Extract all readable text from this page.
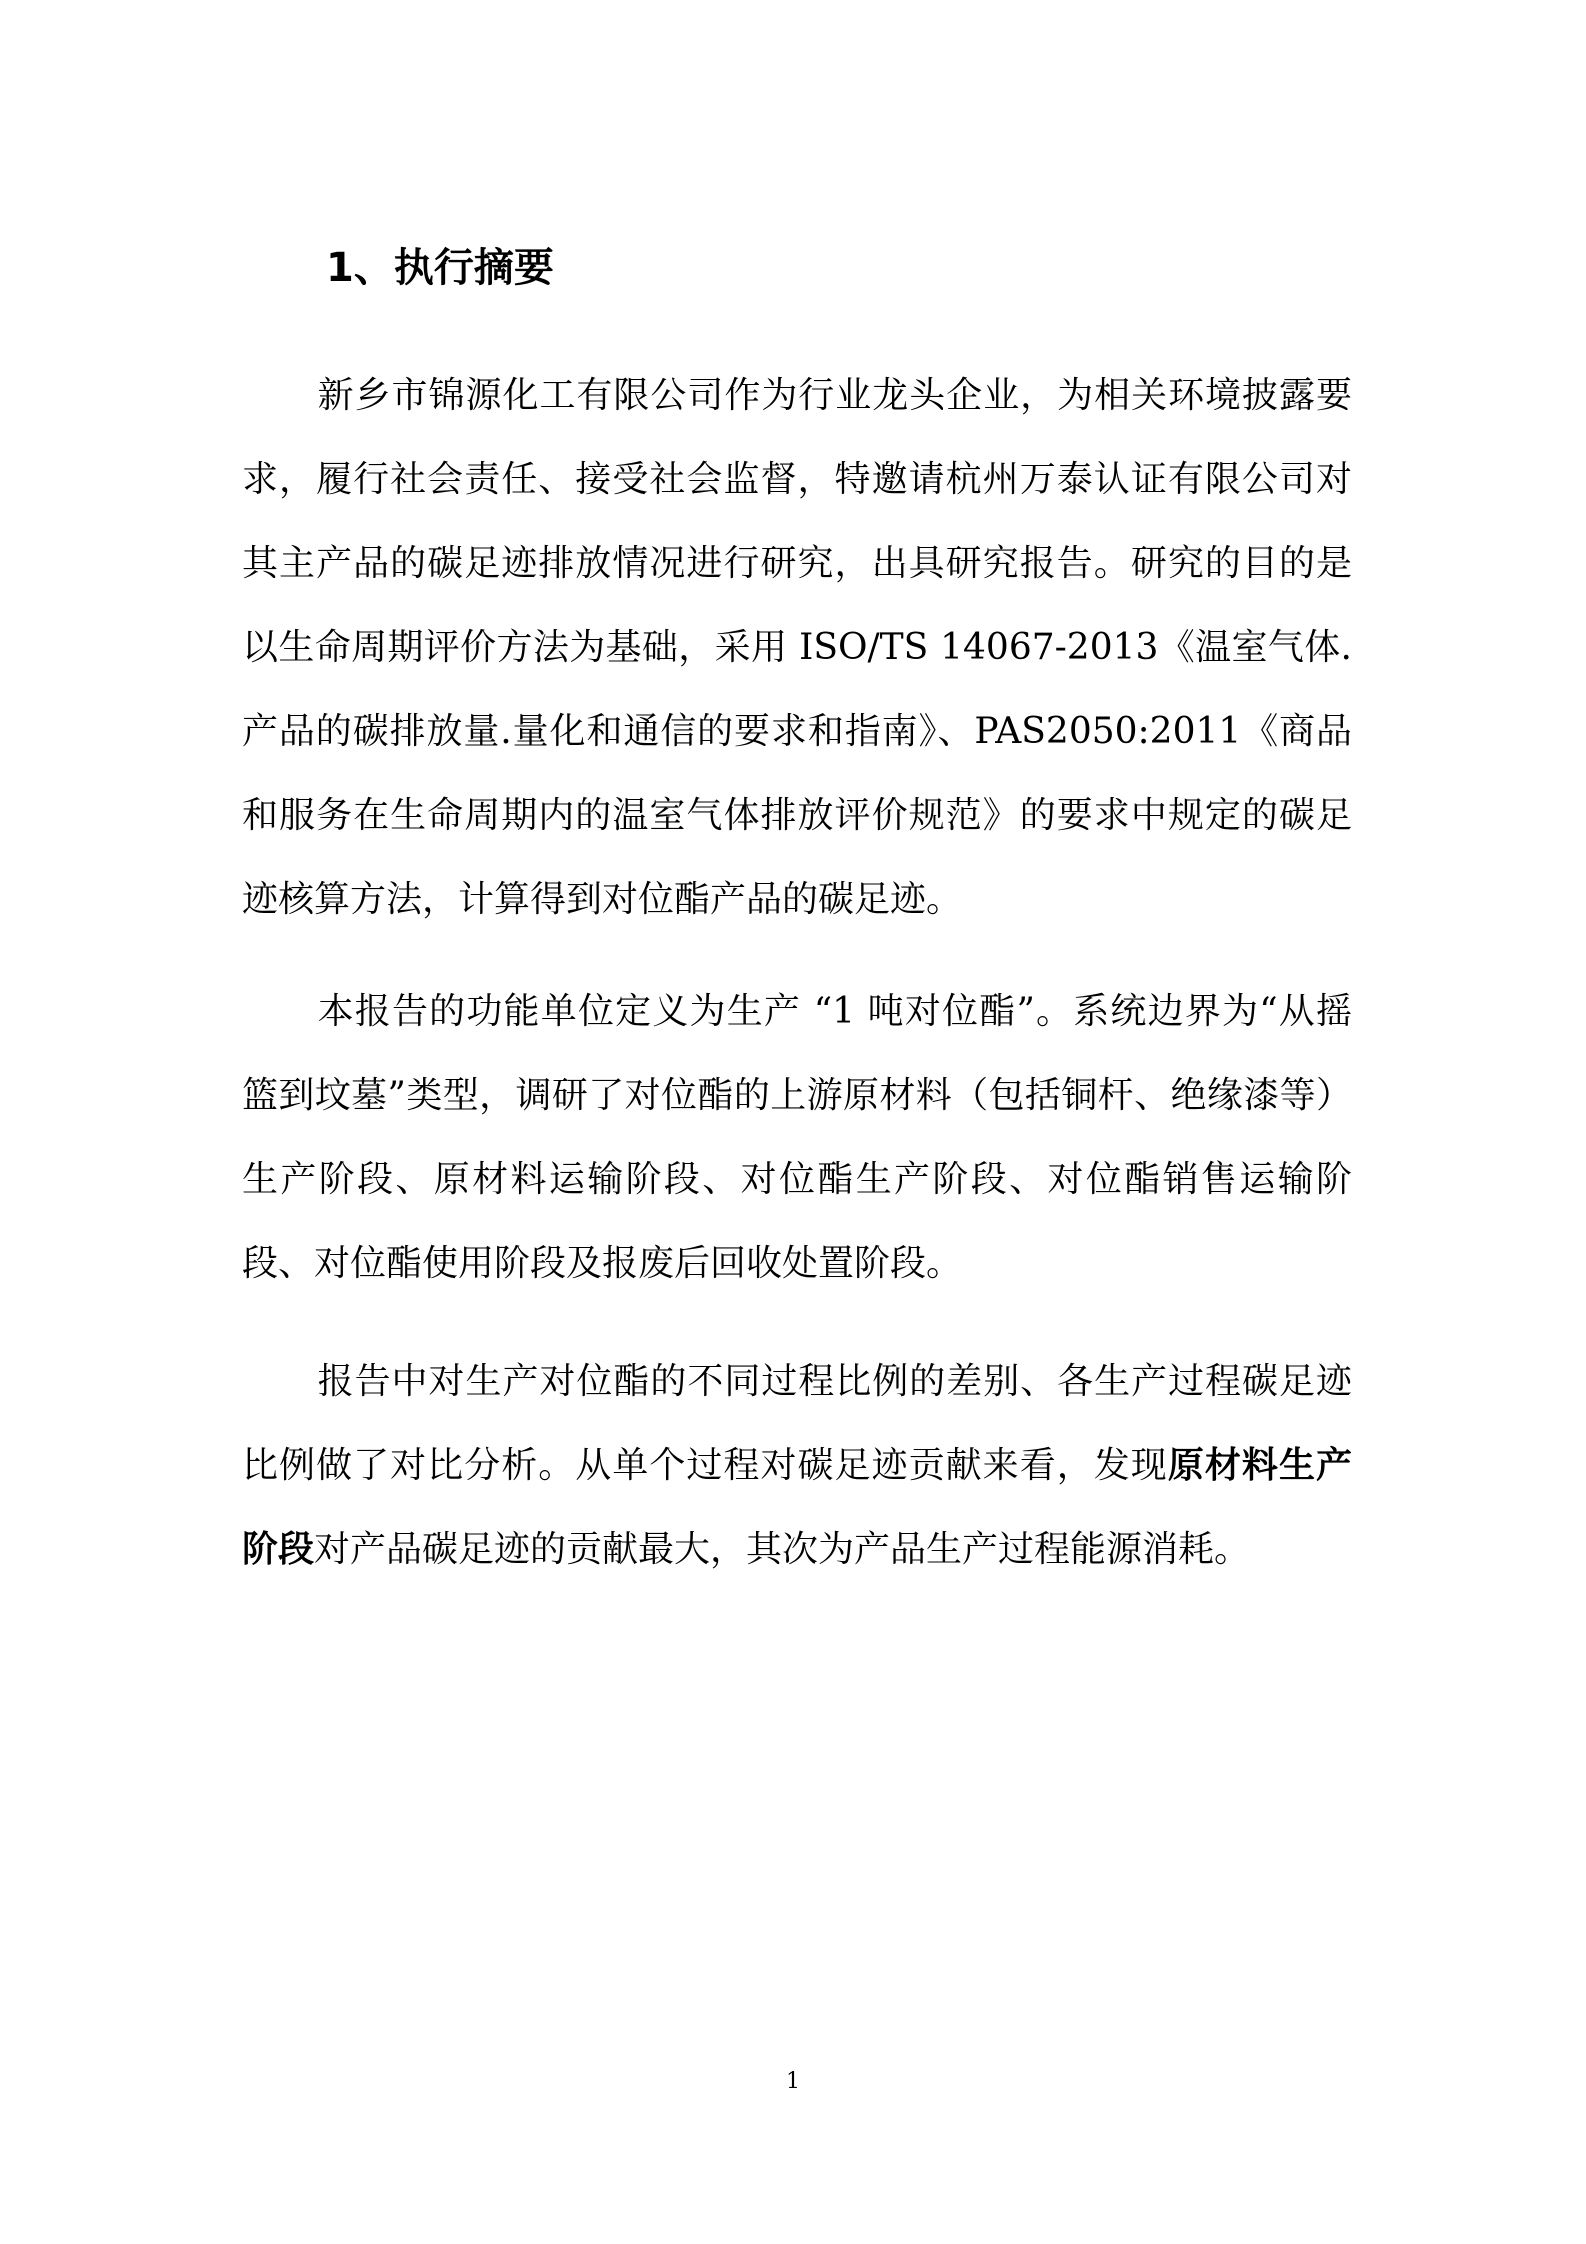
1、执行摘要

新乡市锦源化工有限公司作为行业龙头企业，为相关环境披露要求，履行社会责任、接受社会监督，特邀请杭州万泰认证有限公司对其主产品的碳足迹排放情况进行研究，出具研究报告。研究的目的是以生命周期评价方法为基础，采用 ISO/TS 14067-2013《温室气体.产品的碳排放量.量化和通信的要求和指南》、PAS2050:2011《商品和服务在生命周期内的温室气体排放评价规范》的要求中规定的碳足迹核算方法，计算得到对位酯产品的碳足迹。

本报告的功能单位定义为生产 “1 吨对位酯”。系统边界为“从摇篮到坟墓”类型，调研了对位酯的上游原材料（包括铜杆、绝缘漆等）生产阶段、原材料运输阶段、对位酯生产阶段、对位酯销售运输阶段、对位酯使用阶段及报废后回收处置阶段。

报告中对生产对位酯的不同过程比例的差别、各生产过程碳足迹比例做了对比分析。从单个过程对碳足迹贡献来看，发现原材料生产阶段对产品碳足迹的贡献最大，其次为产品生产过程能源消耗。

1
